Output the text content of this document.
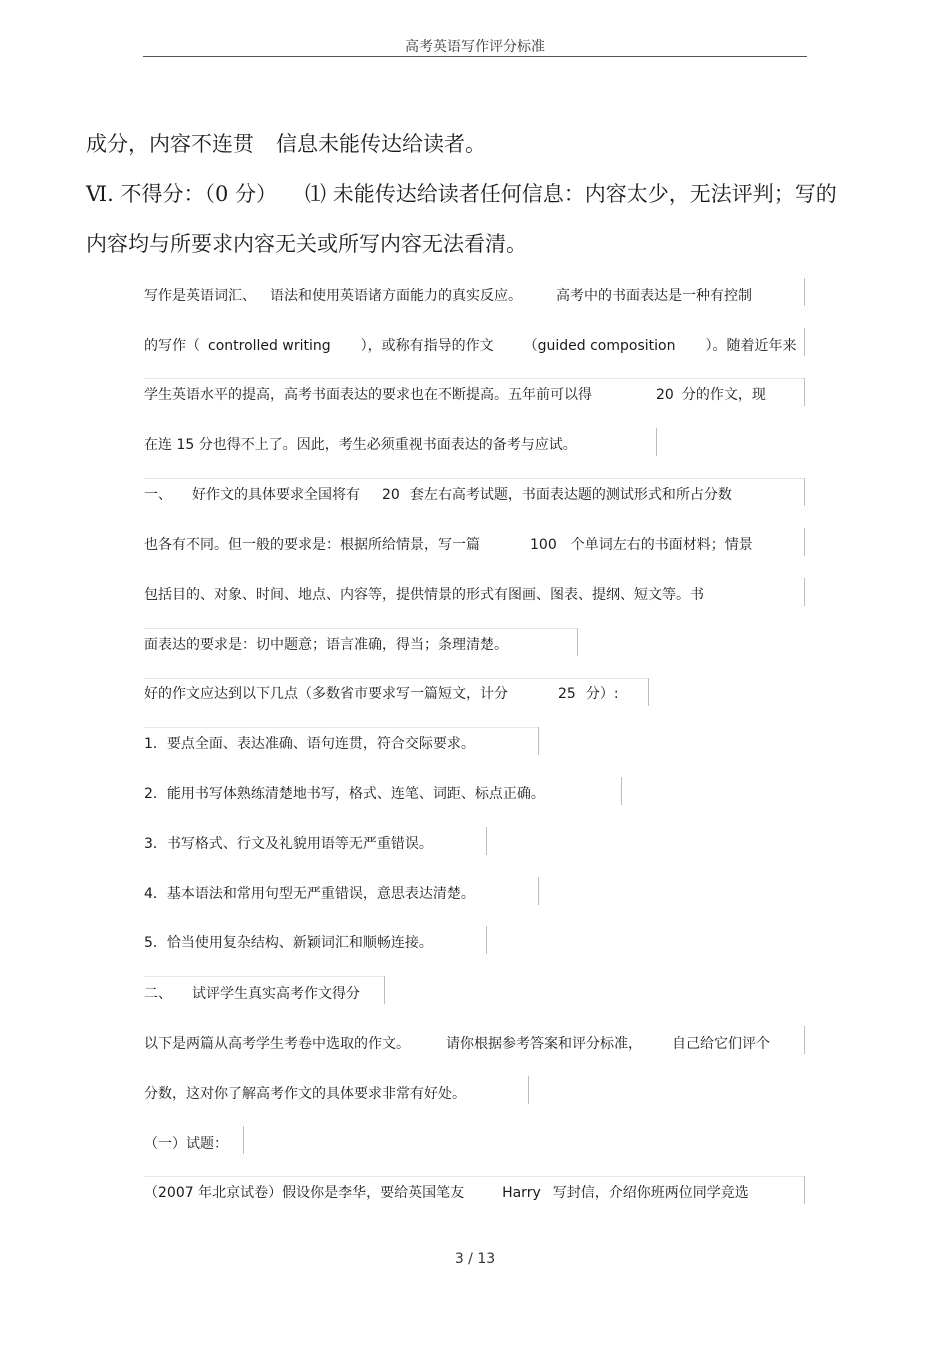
高考英语写作评分标准
成分，内容不连贯 信息未能传达给读者。
Ⅵ. 不得分：（0 分） ⑴ 未能传达给读者任何信息：内容太少，无法评判；写的
内容均与所要求内容无关或所写内容无法看清。
写作是英语词汇、 语法和使用英语诸方面能力的真实反应。 高考中的书面表达是一种有控制
的写作（ controlled writing ），或称有指导的作文 （guided composition ）。随着近年来
学生英语水平的提高，高考书面表达的要求也在不断提高。五年前可以得	20 分的作文，现
在连 15 分也得不上了。因此，考生必须重视书面表达的备考与应试。
一、 好作文的具体要求全国将有 20 套左右高考试题，书面表达题的测试形式和所占分数
也各有不同。但一般的要求是：根据所给情景，写一篇	100 个单词左右的书面材料；情景
包括目的、对象、时间、地点、内容等，提供情景的形式有图画、图表、提纲、短文等。书
面表达的要求是：切中题意；语言准确，得当；条理清楚。
好的作文应达到以下几点（多数省市要求写一篇短文，计分	25 分）:
1．要点全面、表达准确、语句连贯，符合交际要求。
2．能用书写体熟练清楚地书写，格式、连笔、词距、标点正确。
3．书写格式、行文及礼貌用语等无严重错误。
4．基本语法和常用句型无严重错误，意思表达清楚。
5．恰当使用复杂结构、新颖词汇和顺畅连接。
二、 试评学生真实高考作文得分
以下是两篇从高考学生考卷中选取的作文。	请你根据参考答案和评分标准， 自己给它们评个
分数，这对你了解高考作文的具体要求非常有好处。
（一）试题：
（2007 年北京试卷）假设你是李华，要给英国笔友	Harry 写封信，介绍你班两位同学竞选
3 / 13
